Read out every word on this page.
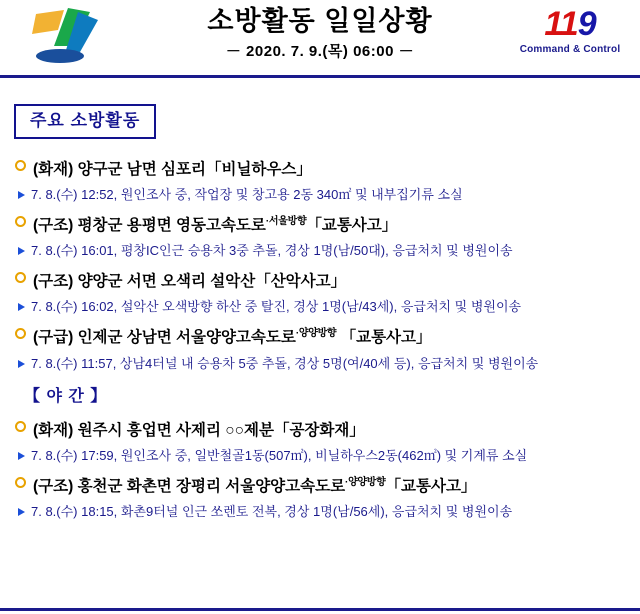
소방활동 일일상황
－ 2020. 7. 9.(목) 06:00 －
119
Command & Control
주요 소방활동
(화재) 양구군 남면 심포리「비닐하우스」
7. 8.(수) 12:52, 원인조사 중, 작업장 및 창고용 2동 340㎡ 및 내부집기류 소실
(구조) 평창군 용평면 영동고속도로$^{\cdot 서울방향}$「교통사고」
7. 8.(수) 16:01, 평창IC인근 승용차 3중 추돌, 경상 1명(남/50대), 응급처치 및 병원이송
(구조) 양양군 서면 오색리 설악산「산악사고」
7. 8.(수) 16:02, 설악산 오색방향 하산 중 탈진, 경상 1명(남/43세), 응급처치 및 병원이송
(구급) 인제군 상남면 서울양양고속도로$^{\cdot 양양방향}$ 「교통사고」
7. 8.(수) 11:57, 상남4터널 내 승용차 5중 추돌, 경상 5명(여/40세 등), 응급처치 및 병원이송
【 야 간 】
(화재) 원주시 흥업면 사제리 ○○제분「공장화재」
7. 8.(수) 17:59, 원인조사 중, 일반철골1동(507㎡), 비닐하우스2동(462㎡) 및 기계류 소실
(구조) 홍천군 화촌면 장평리 서울양양고속도로$^{\cdot 양양방향}$「교통사고」
7. 8.(수) 18:15, 화촌9터널 인근 쏘렌토 전복, 경상 1명(남/56세), 응급처치 및 병원이송
